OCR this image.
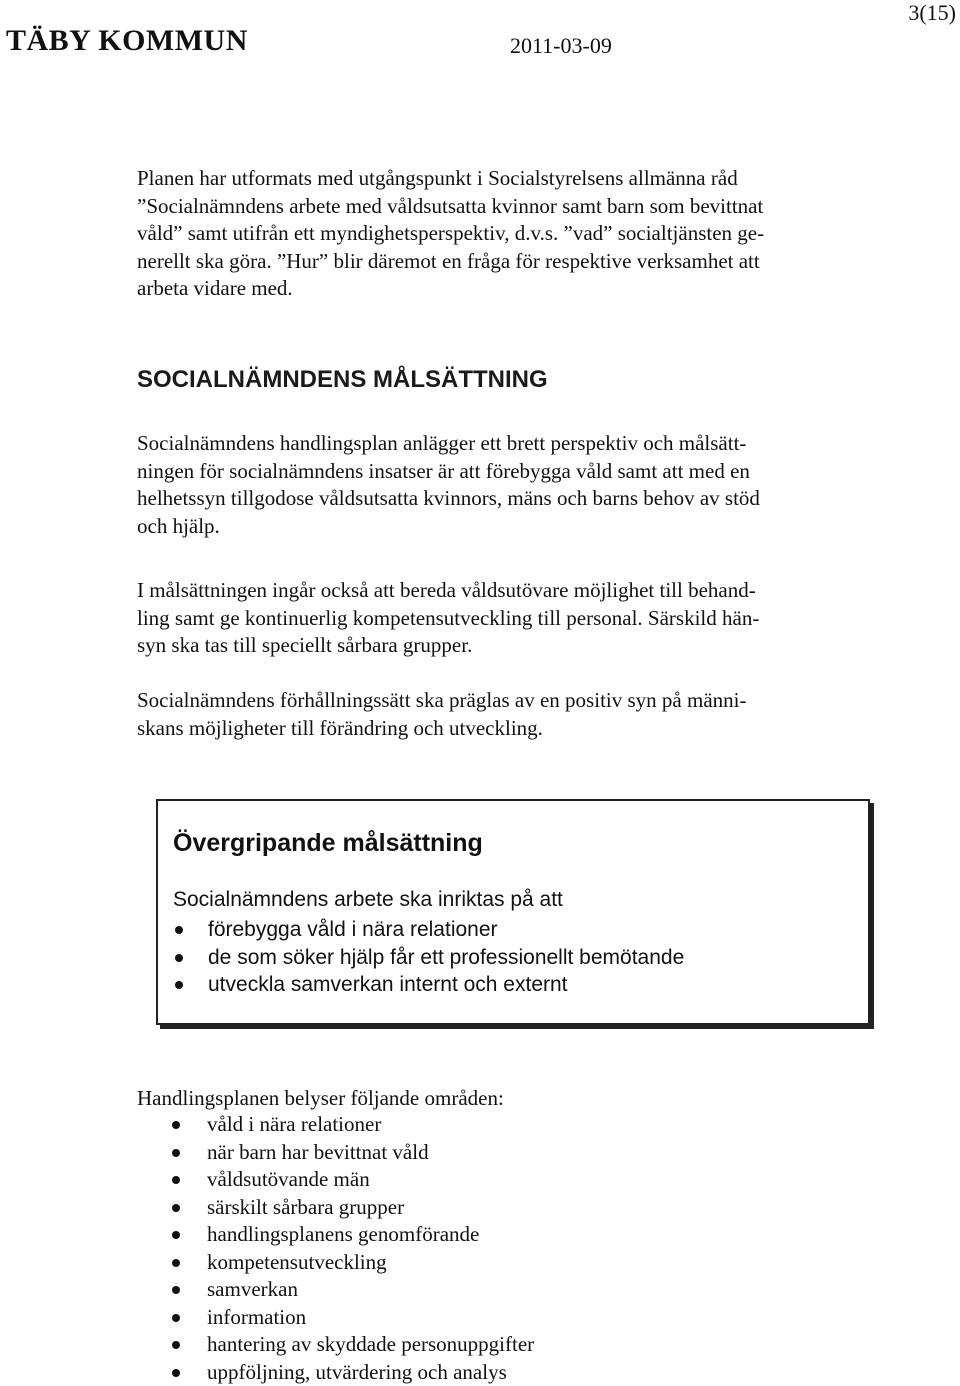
TÄBY KOMMUN	2011-03-09
3(15)
Planen har utformats med utgångspunkt i Socialstyrelsens allmänna råd
”Socialnämndens arbete med våldsutsatta kvinnor samt barn som bevittnat
våld” samt utifrån ett myndighetsperspektiv, d.v.s. ”vad” socialtjänsten ge-
nerellt ska göra. ”Hur” blir däremot en fråga för respektive verksamhet att
arbeta vidare med.
SOCIALNÄMNDENS MÅLSÄTTNING
Socialnämndens handlingsplan anlägger ett brett perspektiv och målsätt-
ningen för socialnämndens insatser är att förebygga våld samt att med en
helhetssyn tillgodose våldsutsatta kvinnors, mäns och barns behov av stöd
och hjälp.
I målsättningen ingår också att bereda våldsutövare möjlighet till behand-
ling samt ge kontinuerlig kompetensutveckling till personal. Särskild hän-
syn ska tas till speciellt sårbara grupper.
Socialnämndens förhållningssätt ska präglas av en positiv syn på männi-
skans möjligheter till förändring och utveckling.
Övergripande målsättning
Socialnämndens arbete ska inriktas på att
förebygga våld i nära relationer
de som söker hjälp får ett professionellt bemötande
utveckla samverkan internt och externt
Handlingsplanen belyser följande områden:
våld i nära relationer
när barn har bevittnat våld
våldsutövande män
särskilt sårbara grupper
handlingsplanens genomförande
kompetensutveckling
samverkan
information
hantering av skyddade personuppgifter
uppföljning, utvärdering och analys
